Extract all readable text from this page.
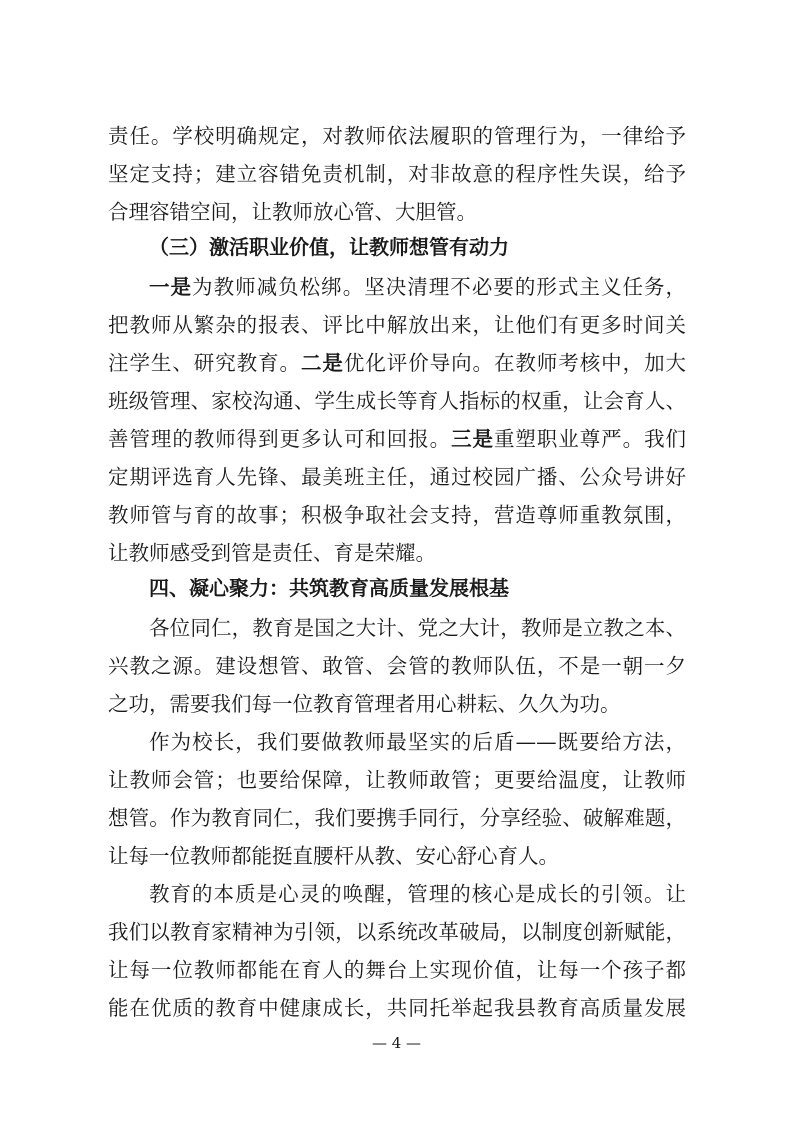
责任。学校明确规定，对教师依法履职的管理行为，一律给予
坚定支持；建立容错免责机制，对非故意的程序性失误，给予
合理容错空间，让教师放心管、大胆管。
（三）激活职业价值，让教师想管有动力
一是为教师减负松绑。坚决清理不必要的形式主义任务，
把教师从繁杂的报表、评比中解放出来，让他们有更多时间关
注学生、研究教育。二是优化评价导向。在教师考核中，加大
班级管理、家校沟通、学生成长等育人指标的权重，让会育人、
善管理的教师得到更多认可和回报。三是重塑职业尊严。我们
定期评选育人先锋、最美班主任，通过校园广播、公众号讲好
教师管与育的故事；积极争取社会支持，营造尊师重教氛围，
让教师感受到管是责任、育是荣耀。
四、凝心聚力：共筑教育高质量发展根基
各位同仁，教育是国之大计、党之大计，教师是立教之本、
兴教之源。建设想管、敢管、会管的教师队伍，不是一朝一夕
之功，需要我们每一位教育管理者用心耕耘、久久为功。
作为校长，我们要做教师最坚实的后盾——既要给方法，
让教师会管；也要给保障，让教师敢管；更要给温度，让教师
想管。作为教育同仁，我们要携手同行，分享经验、破解难题，
让每一位教师都能挺直腰杆从教、安心舒心育人。
教育的本质是心灵的唤醒，管理的核心是成长的引领。让
我们以教育家精神为引领，以系统改革破局，以制度创新赋能，
让每一位教师都能在育人的舞台上实现价值，让每一个孩子都
能在优质的教育中健康成长，共同托举起我县教育高质量发展
— 4 —
